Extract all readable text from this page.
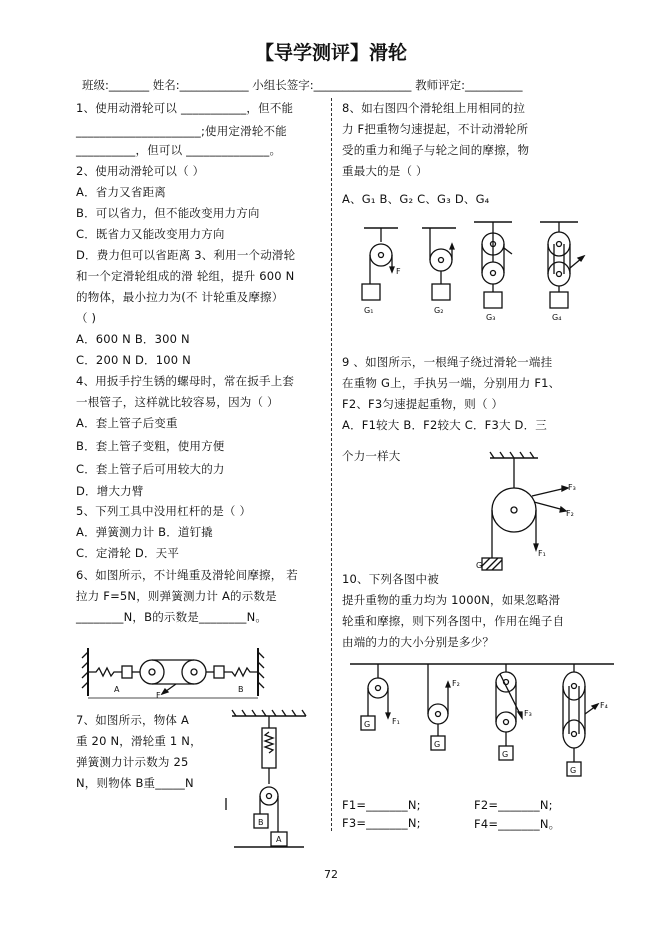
【导学测评】滑轮
班级:_______ 姓名:____________ 小组长签字:_________________ 教师评定:__________
1、使用动滑轮可以 ___________，但不能
_____________________;使用定滑轮不能
__________，但可以 ______________。
2、使用动滑轮可以（ ）
A．省力又省距离
B．可以省力，但不能改变用力方向
C．既省力又能改变用力方向
D．费力但可以省距离 3、利用一个动滑轮
和一个定滑轮组成的滑 轮组，提升 600 N
的物体，最小拉力为(不 计轮重及摩擦）
（ )
A．600 N B．300 N
C．200 N D．100 N
4、用扳手拧生锈的螺母时，常在扳手上套
一根管子，这样就比较容易，因为（ ）
A．套上管子后变重
B．套上管子变粗，使用方便
C．套上管子后可用较大的力
D．增大力臂
5、下列工具中没用杠杆的是（ ）
A．弹簧测力计 B．道钉撬
C．定滑轮 D．天平
6、如图所示，不计绳重及滑轮间摩擦， 若
拉力 F=5N，则弹簧测力计 A的示数是
________N，B的示数是________N。
7、如图所示，物体 A
重 20 N，滑轮重 1 N，
弹簧测力计示数为 25
N，则物体 B重_____N
8、如右图四个滑轮组上用相同的拉
力 F把重物匀速提起，不计动滑轮所
受的重力和绳子与轮之间的摩擦，物
重最大的是（ ）
A、G₁ B、G₂ C、G₃ D、G₄
9 、如图所示，一根绳子绕过滑轮一端挂
在重物 G上，手执另一端，分别用力 F1、
F2、F3匀速提起重物，则（ ）
A．F1较大 B．F2较大 C．F3大 D．三
个力一样大
10、下列各图中被
提升重物的重力均为 1000N，如果忽略滑
轮重和摩擦，则下列各图中，作用在绳子自
由端的力的大小分别是多少？
F1=_______N;	F2=_______N;
F3=_______N;	F4=_______N。
72
A
F
B
B
A
G₁	G₂
G₃	G₄
F
F₃
F₂
F₁
G
G
G
G
G
F₁
F₂
F₃
F₄
